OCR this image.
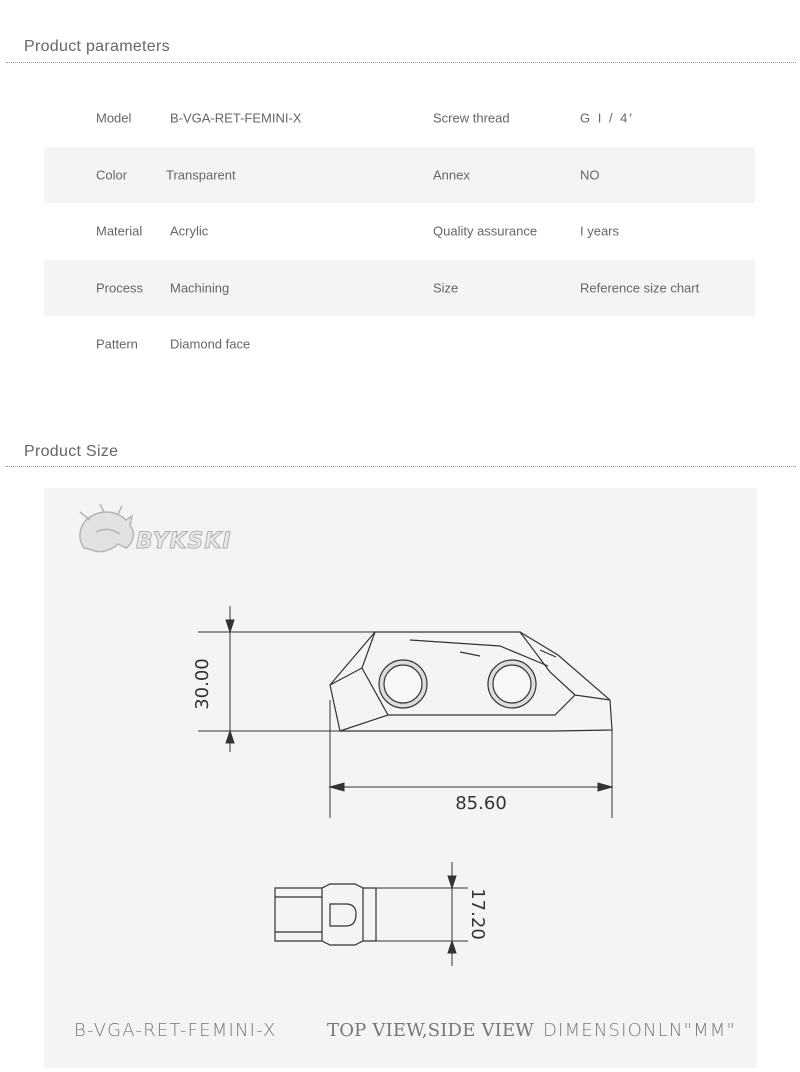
Product parameters
Model	B-VGA-RET-FEMINI-X	Screw thread	G I / 4′
Color	Transparent	Annex	NO
Material Acrylic	Quality assurance	I years
Process Machining	Size	Reference size chart
Pattern Diamond face
Product Size
BYKSKI
30.00
85.60
17.20
B-VGA-RET-FEMINI-X	TOP VIEW,SIDE VIEW DIMENSIONLN"MM"
